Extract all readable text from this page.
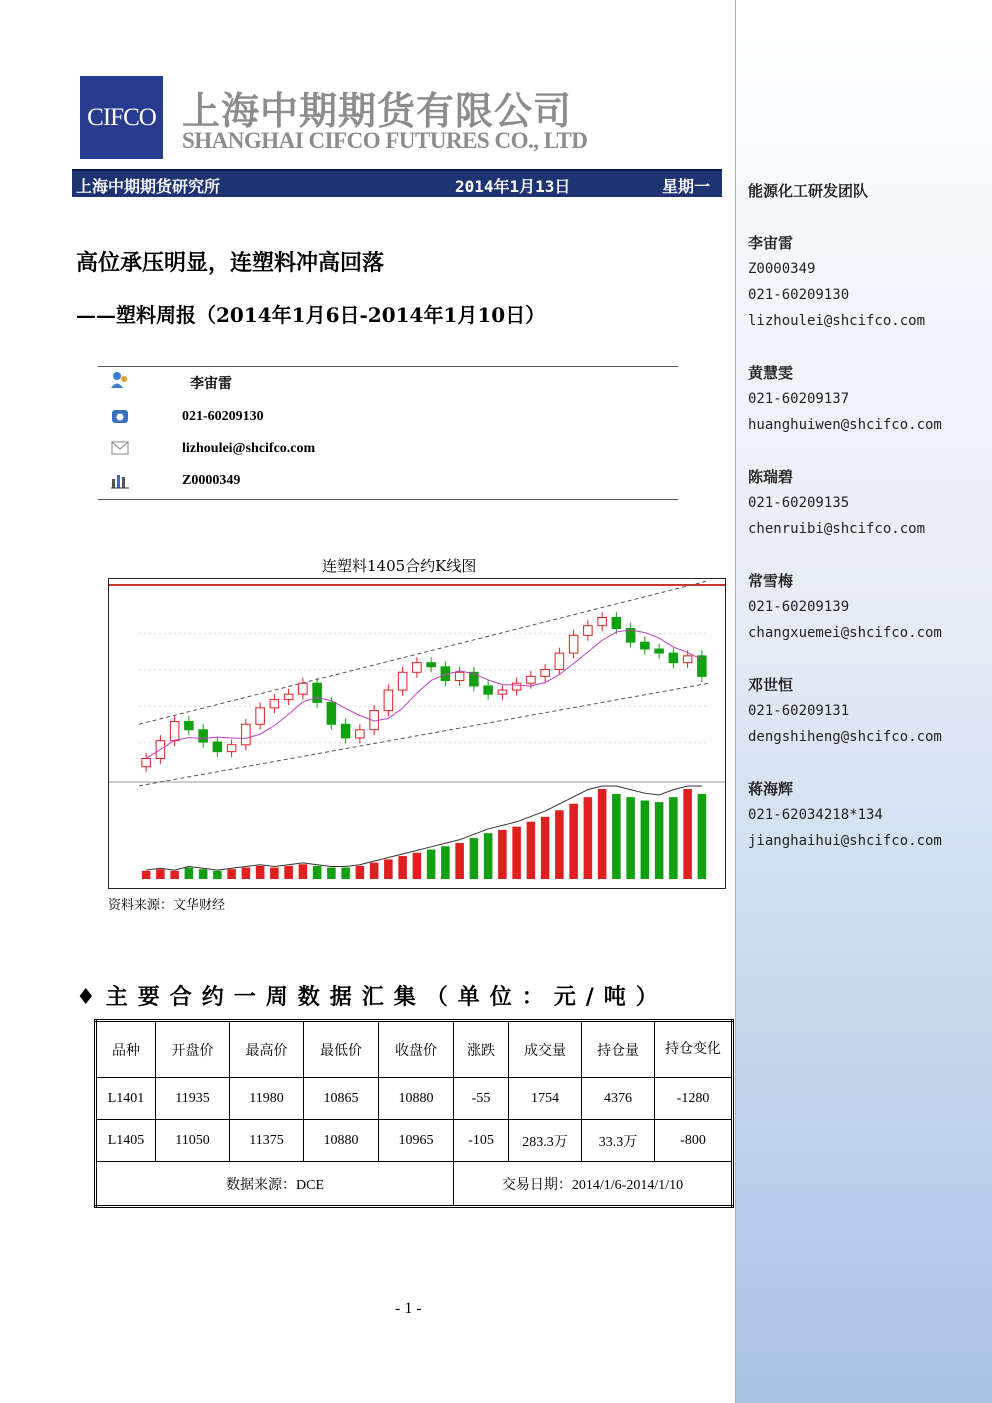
CIFCO 上海中期期货有限公司
SHANGHAI CIFCO FUTURES CO., LTD
上海中期期货研究所	2014年1月13日	星期一
高位承压明显，连塑料冲高回落
——塑料周报（2014年1月6日-2014年1月10日）
李宙雷
021-60209130
lizhoulei@shcifco.com
Z0000349
连塑料1405合约K线图
资料来源：文华财经
♦ 主要合约一周数据汇集（单位：元/吨）
品种	开盘价	最高价	最低价	收盘价	涨跌	成交量	持仓量	持仓变化
L1401	11935	11980	10865	10880	-55	1754	4376	-1280
L1405	11050	11375	10880	10965	-105	283.3万	33.3万	-800
数据来源：DCE					交易日期：2014/1/6-2014/1/10			
- 1 -
能源化工研发团队
李宙雷
Z0000349
021-60209130
lizhoulei@shcifco.com
黄慧雯
021-60209137
huanghuiwen@shcifco.com
陈瑞碧
021-60209135
chenruibi@shcifco.com
常雪梅
021-60209139
changxuemei@shcifco.com
邓世恒
021-60209131
dengshiheng@shcifco.com
蒋海辉
021-62034218*134
jianghaihui@shcifco.com
